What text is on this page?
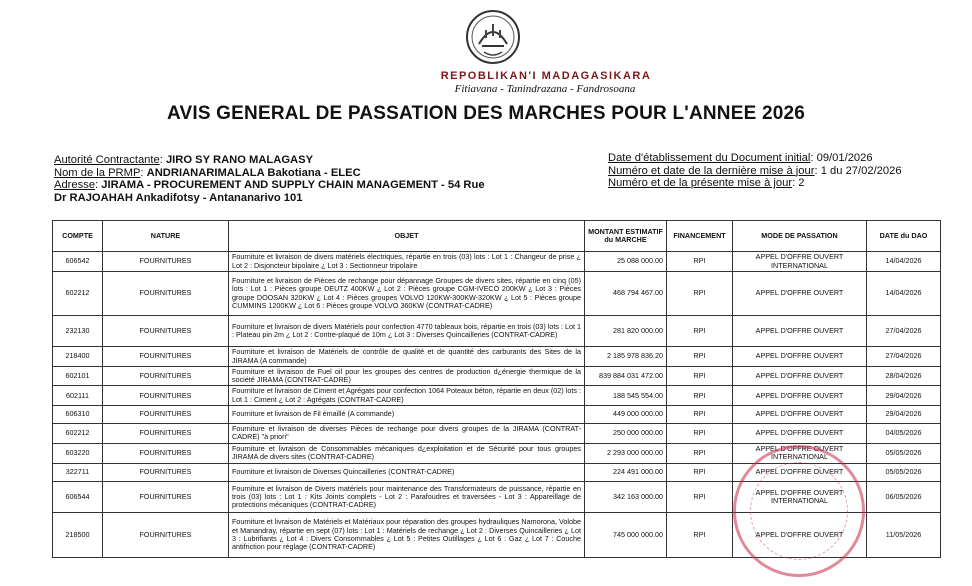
REPOBLIKAN'I MADAGASIKARA
Fitiavana - Tanindrazana - Fandrosoana
AVIS GENERAL DE PASSATION DES MARCHES POUR L'ANNEE 2026
Autorité Contractante: JIRO SY RANO MALAGASY
Nom de la PRMP: ANDRIANARIMALALA Bakotiana - ELEC
Adresse: JIRAMA - PROCUREMENT AND SUPPLY CHAIN MANAGEMENT - 54 Rue
Dr RAJOAHAH Ankadifotsy - Antananarivo 101
Date d'établissement du Document initial: 09/01/2026
Numéro et date de la dernière mise à jour: 1 du 27/02/2026
Numéro et de la présente mise à jour: 2
COMPTE	NATURE	OBJET	MONTANT ESTIMATIF du MARCHE	FINANCEMENT	MODE DE PASSATION	DATE du DAO
606542	FOURNITURES	Fourniture et livraison de divers matériels électriques, répartie en trois (03) lots : Lot 1 : Changeur de prise ¿ Lot 2 : Disjoncteur bipolaire ¿ Lot 3 : Sectionneur tripolaire	25 088 000.00	RPI	APPEL D'OFFRE OUVERT INTERNATIONAL	14/04/2026
602212	FOURNITURES	Fourniture et livraison de Pièces de rechange pour dépannage Groupes de divers sites, répartie en cinq (05) lots : Lot 1 : Pièces groupe DEUTZ 400KW ¿ Lot 2 : Pièces groupe CGM-IVECO 200KW ¿ Lot 3 : Pièces groupe DOOSAN 320KW ¿ Lot 4 : Pièces groupes VOLVO 120KW-300KW-320KW ¿ Lot 5 : Pièces groupe CUMMINS 1200KW ¿ Lot 6 : Pièces groupe VOLVO 360KW (CONTRAT-CADRE)	468 794 467.00	RPI	APPEL D'OFFRE OUVERT	14/04/2026
232130	FOURNITURES	Fourniture et livraison de divers Matériels pour confection 4770 tableaux bois, répartie en trois (03) lots : Lot 1 : Plateau pin 2m ¿ Lot 2 : Contre-plaqué de 10m ¿ Lot 3 : Diverses Quincailleries (CONTRAT-CADRE)	281 820 000.00	RPI	APPEL D'OFFRE OUVERT	27/04/2026
218400	FOURNITURES	Fourniture et livraison de Matériels de contrôle de qualité et de quantité des carburants des Sites de la JIRAMA (A commande)	2 185 978 836.20	RPI	APPEL D'OFFRE OUVERT	27/04/2026
602101	FOURNITURES	Fourniture et livraison de Fuel oil pour les groupes des centres de production d¿énergie thermique de la société JIRAMA (CONTRAT-CADRE)	839 884 031 472.00	RPI	APPEL D'OFFRE OUVERT	28/04/2026
602111	FOURNITURES	Fourniture et livraison de Ciment et Agrégats pour confection 1064 Poteaux béton, répartie en deux (02) lots : Lot 1 : Ciment ¿ Lot 2 : Agrégats (CONTRAT-CADRE)	188 545 554.00	RPI	APPEL D'OFFRE OUVERT	29/04/2026
606310	FOURNITURES	Fourniture et livraison de Fil émaillé (A commande)	449 000 000.00	RPI	APPEL D'OFFRE OUVERT	29/04/2026
602212	FOURNITURES	Fourniture et livraison de diverses Pièces de rechange pour divers groupes de la JIRAMA (CONTRAT-CADRE) "à priori"	250 000 000.00	RPI	APPEL D'OFFRE OUVERT	04/05/2026
603220	FOURNITURES	Fourniture et livraison de Consommables mécaniques d¿exploitation et de Sécurité pour tous groupes JIRAMA de divers sites (CONTRAT-CADRE)	2 293 000 000.00	RPI	APPEL D'OFFRE OUVERT INTERNATIONAL	05/05/2026
322711	FOURNITURES	Fourniture et livraison de Diverses Quincailleries (CONTRAT-CADRE)	224 491 000.00	RPI	APPEL D'OFFRE OUVERT	05/05/2026
606544	FOURNITURES	Fourniture et livraison de Divers matériels pour maintenance des Transformateurs de puissance, répartie en trois (03) lots : Lot 1 : Kits Joints complets - Lot 2 : Parafoudres et traversées - Lot 3 : Appareillage de protections mécaniques (CONTRAT-CADRE)	342 163 000.00	RPI	APPEL D'OFFRE OUVERT INTERNATIONAL	06/05/2026
218500	FOURNITURES	Fourniture et livraison de Matériels et Matériaux pour réparation des groupes hydrauliques Namorona, Volobe et Manandray, répartie en sept (07) lots : Lot 1 : Matériels de rechange ¿ Lot 2 : Diverses Quincailleries ¿ Lot 3 : Lubrifiants ¿ Lot 4 : Divers Consommables ¿ Lot 5 : Petites Outillages ¿ Lot 6 : Gaz ¿ Lot 7 : Couche antifriction pour réglage (CONTRAT-CADRE)	745 000 000.00	RPI	APPEL D'OFFRE OUVERT	11/05/2026
